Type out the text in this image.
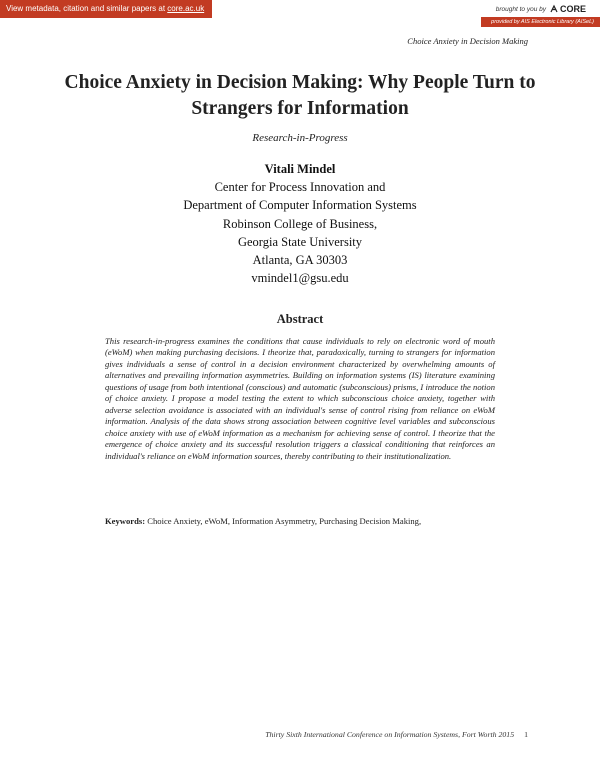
View metadata, citation and similar papers at core.ac.uk	brought to you by CORE
provided by AIS Electronic Library (AISeL)
Choice Anxiety in Decision Making
Choice Anxiety in Decision Making: Why People Turn to Strangers for Information
Research-in-Progress
Vitali Mindel
Center for Process Innovation and
Department of Computer Information Systems
Robinson College of Business,
Georgia State University
Atlanta, GA 30303
vmindel1@gsu.edu
Abstract
This research-in-progress examines the conditions that cause individuals to rely on electronic word of mouth (eWoM) when making purchasing decisions. I theorize that, paradoxically, turning to strangers for information gives individuals a sense of control in a decision environment characterized by overwhelming amounts of alternatives and prevailing information asymmetries. Building on information systems (IS) literature examining questions of usage from both intentional (conscious) and automatic (subconscious) prisms, I introduce the notion of choice anxiety. I propose a model testing the extent to which subconscious choice anxiety, together with adverse selection avoidance is associated with an individual's sense of control rising from reliance on eWoM information. Analysis of the data shows strong association between cognitive level variables and subconscious choice anxiety with use of eWoM information as a mechanism for achieving sense of control. I theorize that the emergence of choice anxiety and its successful resolution triggers a classical conditioning that reinforces an individual's reliance on eWoM information sources, thereby contributing to their institutionalization.
Keywords: Choice Anxiety, eWoM, Information Asymmetry, Purchasing Decision Making,
Thirty Sixth International Conference on Information Systems, Fort Worth 2015 1
